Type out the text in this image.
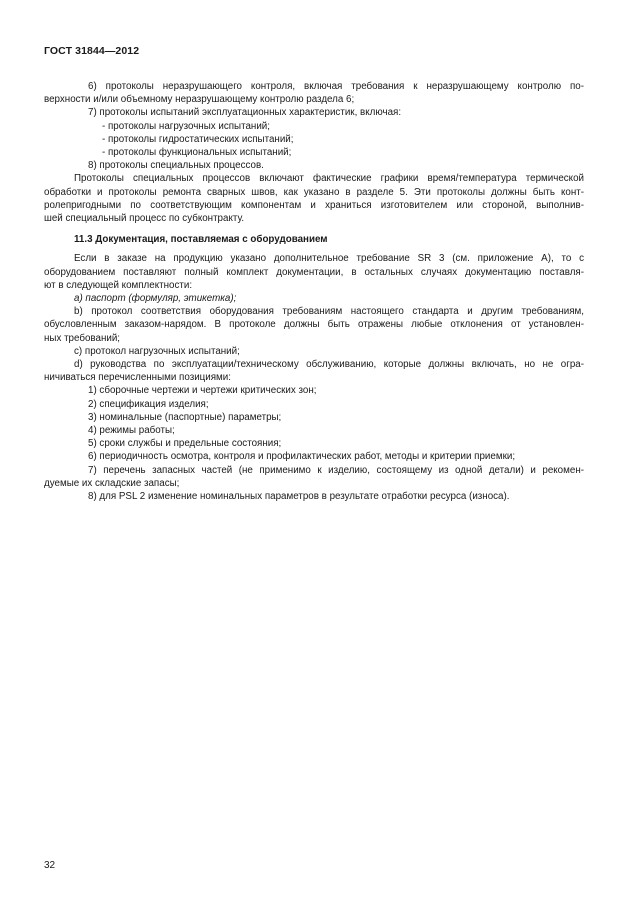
ГОСТ 31844—2012
6) протоколы неразрушающего контроля, включая требования к неразрушающему контролю по-
верхности и/или объемному неразрушающему контролю раздела 6;
7) протоколы испытаний эксплуатационных характеристик, включая:
- протоколы нагрузочных испытаний;
- протоколы гидростатических испытаний;
- протоколы функциональных испытаний;
8) протоколы специальных процессов.
Протоколы специальных процессов включают фактические графики время/температура термической
обработки и протоколы ремонта сварных швов, как указано в разделе 5. Эти протоколы должны быть конт-
ролепригодными по соответствующим компонентам и храниться изготовителем или стороной, выполнив-
шей специальный процесс по субконтракту.
11.3 Документация, поставляемая с оборудованием
Если в заказе на продукцию указано дополнительное требование SR 3 (см. приложение А), то с
оборудованием поставляют полный комплект документации, в остальных случаях документацию поставля-
ют в следующей комплектности:
a) паспорт (формуляр, этикетка);
b) протокол соответствия оборудования требованиям настоящего стандарта и другим требованиям,
обусловленным заказом-нарядом. В протоколе должны быть отражены любые отклонения от установлен-
ных требований;
c) протокол нагрузочных испытаний;
d) руководства по эксплуатации/техническому обслуживанию, которые должны включать, но не огра-
ничиваться перечисленными позициями:
1) сборочные чертежи и чертежи критических зон;
2) спецификация изделия;
3) номинальные (паспортные) параметры;
4) режимы работы;
5) сроки службы и предельные состояния;
6) периодичность осмотра, контроля и профилактических работ, методы и критерии приемки;
7) перечень запасных частей (не применимо к изделию, состоящему из одной детали) и рекомен-
дуемые их складские запасы;
8) для PSL 2 изменение номинальных параметров в результате отработки ресурса (износа).
32
